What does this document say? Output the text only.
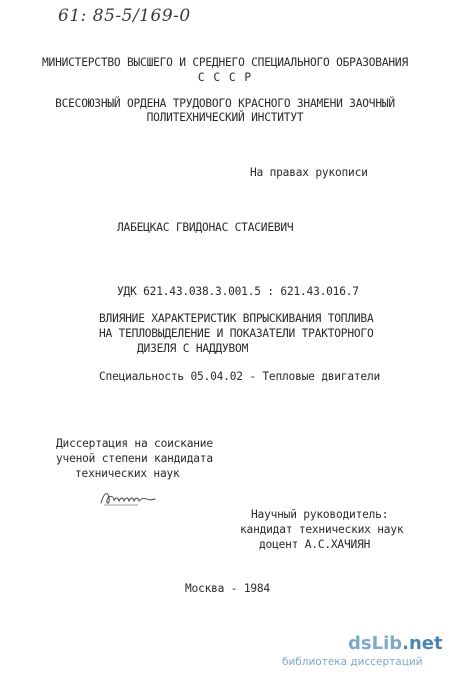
61: 85-5/169-0
МИНИСТЕРСТВО ВЫСШЕГО И СРЕДНЕГО СПЕЦИАЛЬНОГО ОБРАЗОВАНИЯ
С С С Р
ВСЕСОЮЗНЫЙ ОРДЕНА ТРУДОВОГО КРАСНОГО ЗНАМЕНИ ЗАОЧНЫЙ
ПОЛИТЕХНИЧЕСКИЙ ИНСТИТУТ
На правах рукописи
ЛАБЕЦКАС ГВИДОНАС СТАСИЕВИЧ
УДК 621.43.038.3.001.5 : 621.43.016.7
ВЛИЯНИЕ ХАРАКТЕРИСТИК ВПРЫСКИВАНИЯ ТОПЛИВА
НА ТЕПЛОВЫДЕЛЕНИЕ И ПОКАЗАТЕЛИ ТРАКТОРНОГО
ДИЗЕЛЯ С НАДДУВОМ
Специальность 05.04.02 - Тепловые двигатели
Диссертация на соискание
ученой степени кандидата
технических наук
Научный руководитель:
кандидат технических наук
доцент А.С.ХАЧИЯН
Москва - 1984
dsLib.net
библиотека диссертаций
